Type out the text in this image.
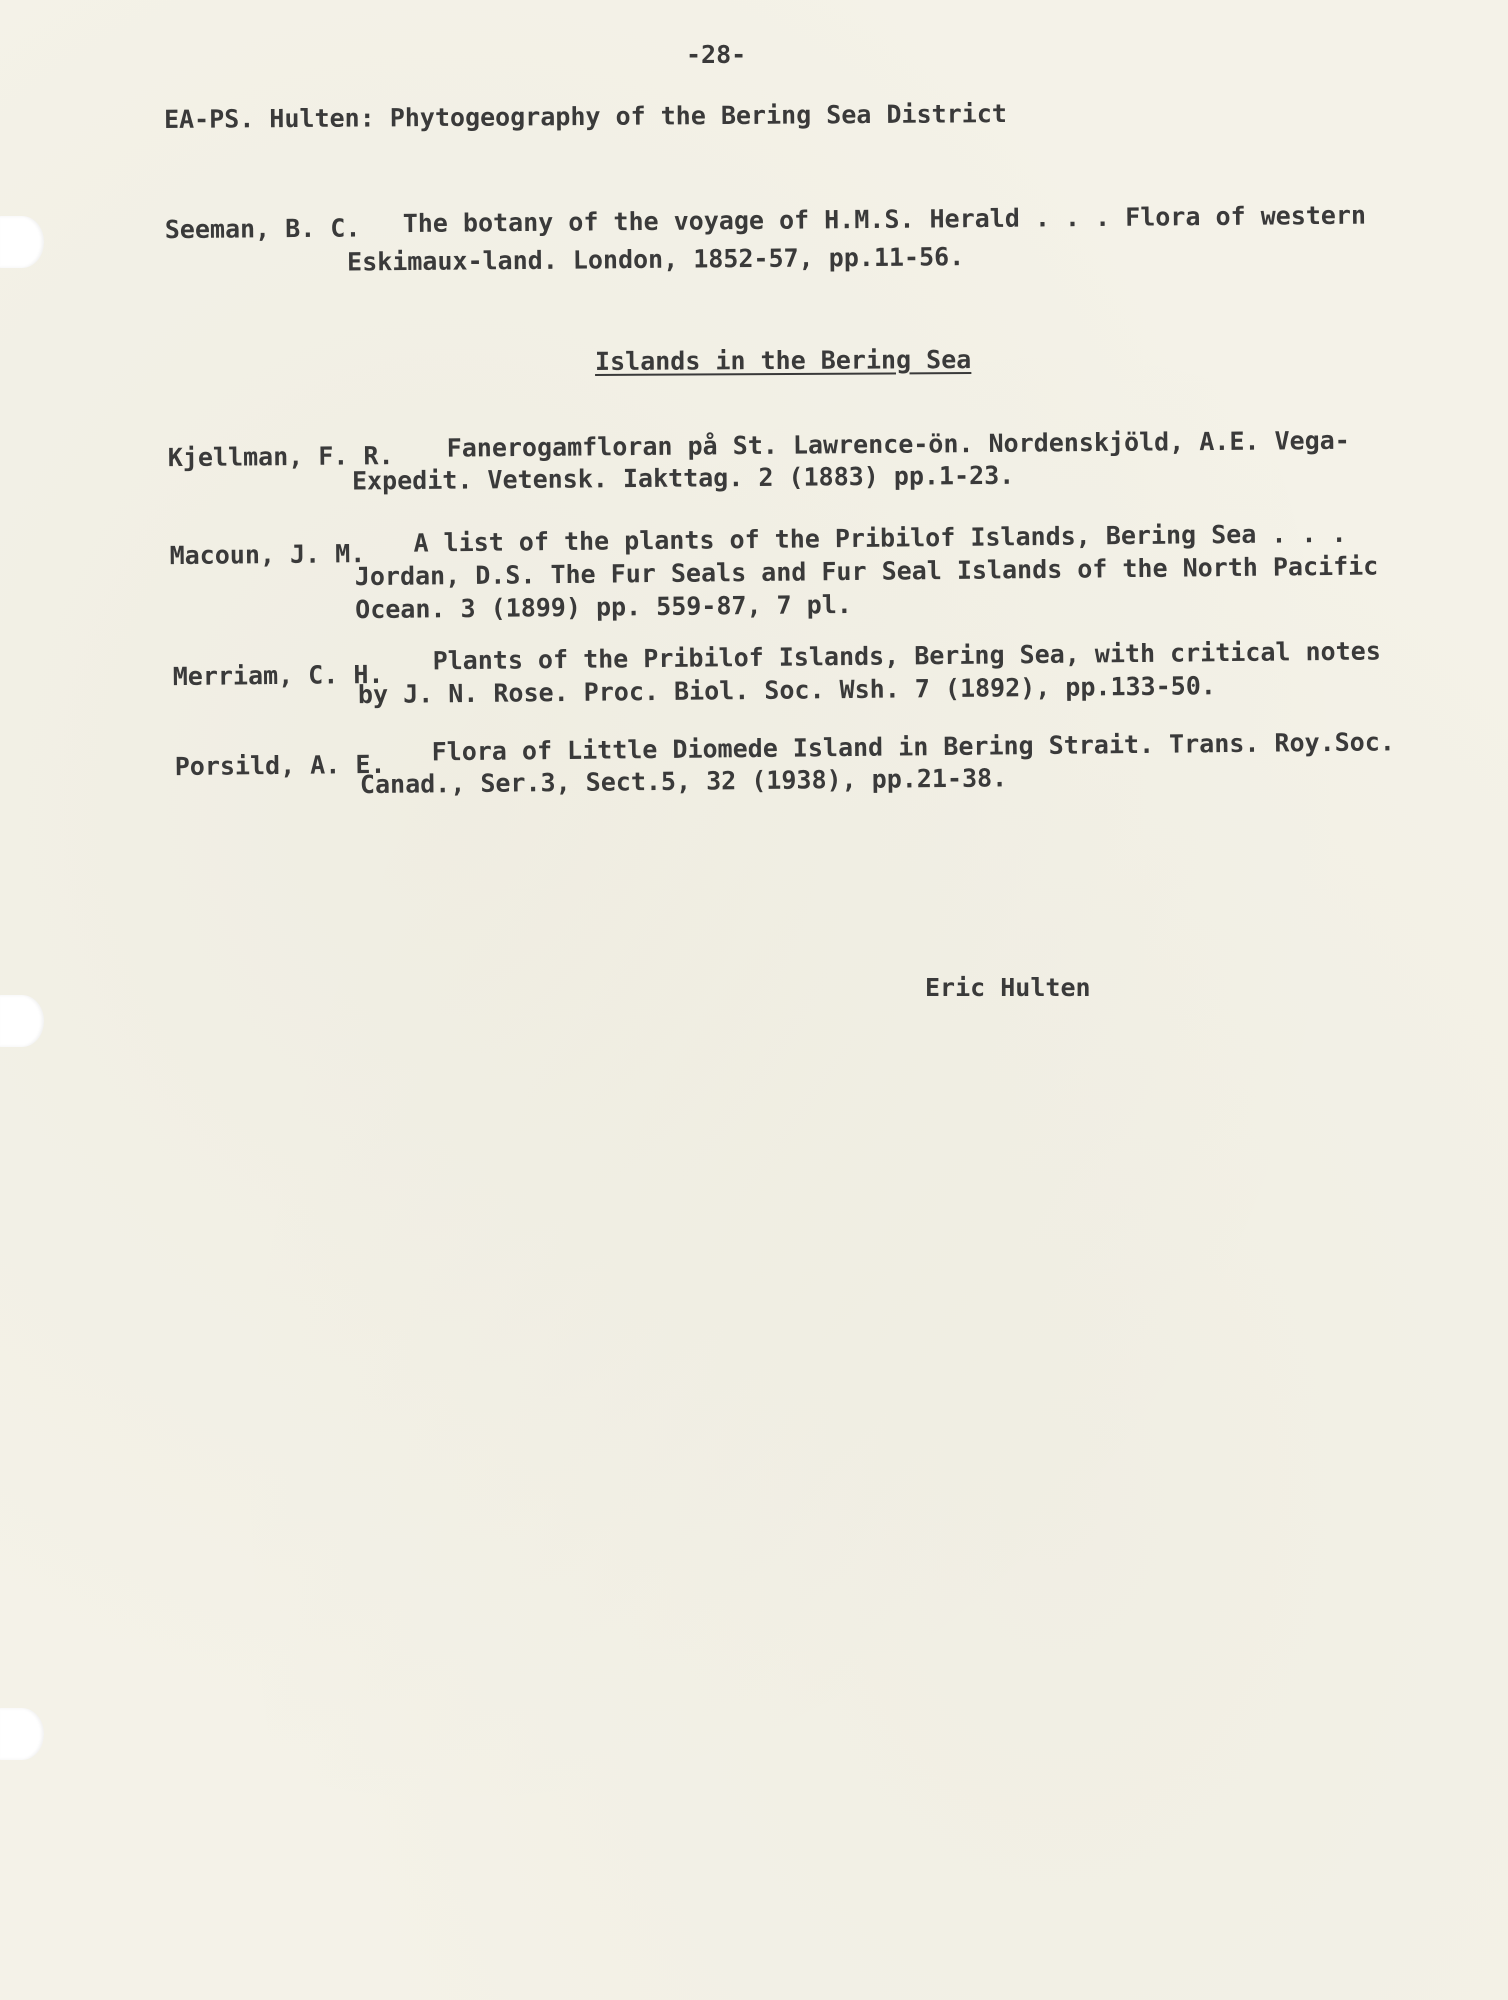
-28-
EA-PS. Hulten: Phytogeography of the Bering Sea District
Seeman, B. C. The botany of the voyage of H.M.S. Herald . . . Flora of western
Eskimaux-land. London, 1852-57, pp.11-56.
Islands in the Bering Sea
Kjellman, F. R. Fanerogamfloran på St. Lawrence-ön. Nordenskjöld, A.E. Vega-
Expedit. Vetensk. Iakttag. 2 (1883) pp.1-23.
Macoun, J. M. A list of the plants of the Pribilof Islands, Bering Sea . . .
Jordan, D.S. The Fur Seals and Fur Seal Islands of the North Pacific
Ocean. 3 (1899) pp. 559-87, 7 pl.
Merriam, C. H.
Plants of the Pribilof Islands, Bering Sea, with critical notes
by J. N. Rose. Proc. Biol. Soc. Wsh. 7 (1892), pp.133-50.
Porsild, A. E. Flora of Little Diomede Island in Bering Strait. Trans. Roy.Soc.
Canad., Ser.3, Sect.5, 32 (1938), pp.21-38.
Eric Hulten
